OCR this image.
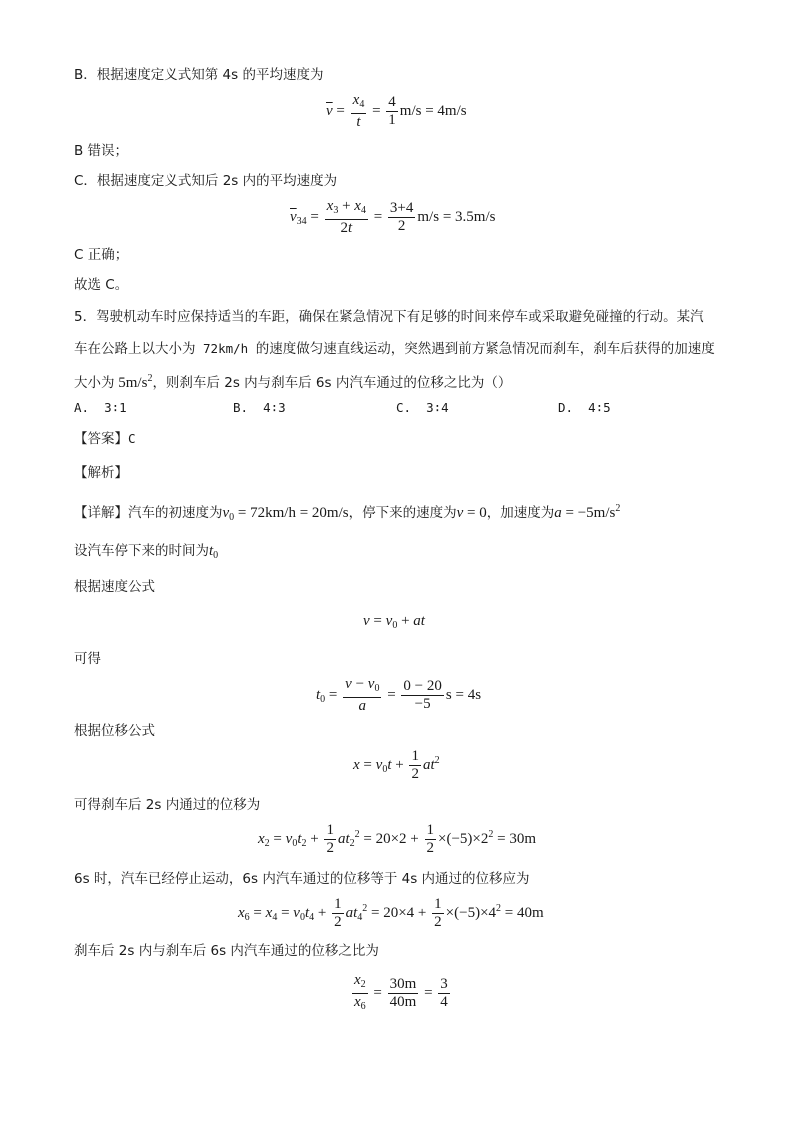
B．根据速度定义式知第 4s 的平均速度为
$\overline{v} = \frac{x_4}{t} = \frac{4}{1} m/s = 4m/s$
B 错误；
C．根据速度定义式知后 2s 内的平均速度为
$\overline{v}_{34} = \frac{x_3 + x_4}{2t} = \frac{3+4}{2} m/s = 3.5m/s$
C 正确；
故选 C。
5．驾驶机动车时应保持适当的车距，确保在紧急情况下有足够的时间来停车或采取避免碰撞的行动。某汽
车在公路上以大小为 72km/h 的速度做匀速直线运动，突然遇到前方紧急情况而刹车，刹车后获得的加速度
大小为 $5m/s^2$，则刹车后 2s 内与刹车后 6s 内汽车通过的位移之比为（）
A. 3∶1	B. 4∶3	C. 3∶4	D. 4∶5
【答案】C
【解析】
【详解】汽车的初速度为$v_0 = 72km/h = 20m/s$，停下来的速度为v = 0，加速度为$a = -5m/s^2$
设汽车停下来的时间为$t_0$
根据速度公式
$v = v_0$ + at
可得
$t_0 = \frac{v - v_0}{a} = \frac{0 - 20}{-5}$ s = 4s
根据位移公式
$x = v_0t + \frac{1}{2} at^2$
可得刹车后 2s 内通过的位移为
$x_2 = v_0t_2 + \frac{1}{2} at_2^2 = 20\times 2 + \frac{1}{2} \times(-5)\times 2^2 = 30m$
6s 时，汽车已经停止运动，6s 内汽车通过的位移等于 4s 内通过的位移应为
$x_6 = x_4 = v_0t_4 + \frac{1}{2} at_4^2 = 20\times 4 + \frac{1}{2} \times(-5)\times 4^2 = 40m$
刹车后 2s 内与刹车后 6s 内汽车通过的位移之比为
$\frac{x_2}{x_6} = \frac{30m}{40m} = \frac{3}{4}$
